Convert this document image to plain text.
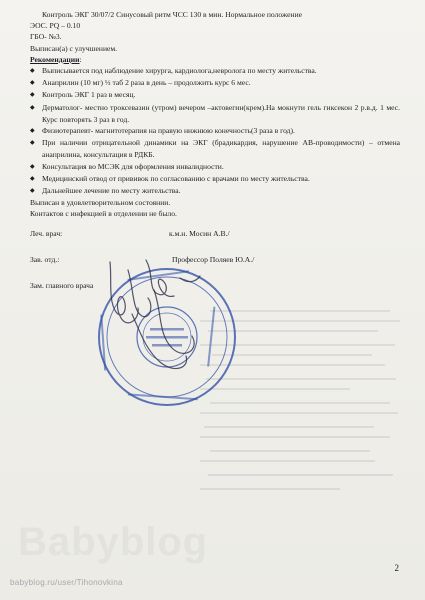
Контроль ЭКГ 30/07/2 Синусовый ритм ЧСС 130 в мин. Нормальное положение
ЭОС. PQ – 0.10
ГБО- №3.
Выписан(а) с улучшением.
Рекомендации:
◆ Выписывается под наблюдение хирурга, кардиолога,невролога по месту жительства.
◆ Анаприлин (10 мг) ⅓ таб 2 раза в день – продолжить курс 6 мес.
◆ Контроль ЭКГ 1 раз в месяц.
◆ Дерматолог- местно троксевазин (утром) вечером –актовегин(крем).На мокнути гель гиксекон 2 р.в.д. 1 мес. Курс повторять 3 раз в год.
◆ Физиотерапевт- магнитотерапия на правую нижнюю конечность(3 раза в год).
◆ При наличии отрицательной динамики на ЭКГ (брадикардия, нарушение АВ-проводимости) – отмена анаприлина, консультация в РДКБ.
◆ Консультация во МСЭК для оформления инвалидности.
◆ Медицинский отвод от прививок по согласованию с врачами по месту жительства.
◆ Дальнейшее лечение по месту жительства.
Выписан в удовлетворительном состоянии.
Контактов с инфекцией в отделении не было.
Леч. врач:	к.м.н. Мосин А.В./
Зав. отд.:	Профессор Поляев Ю.А./
Зам. главного врача
Babyblog
2
babyblog.ru/user/Tihonovkina
